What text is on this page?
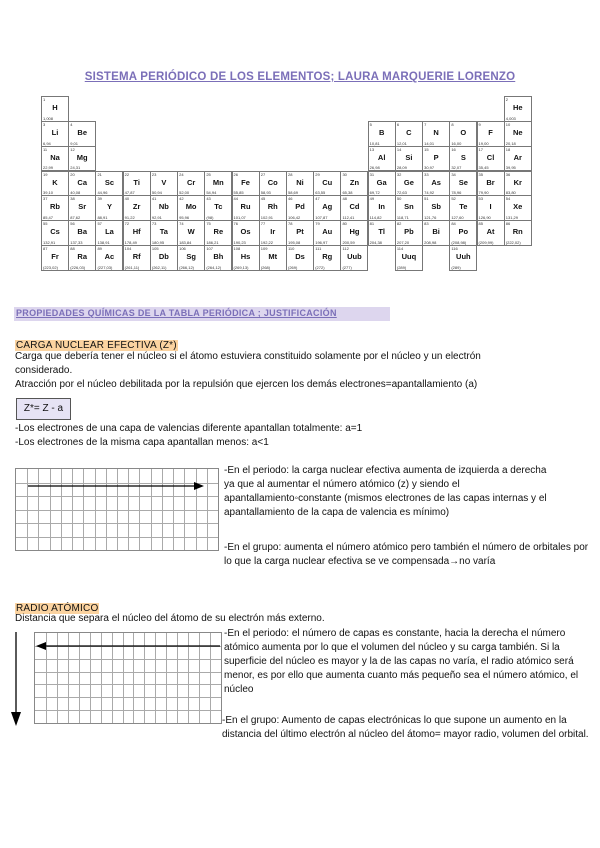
SISTEMA PERIÓDICO DE LOS ELEMENTOS; LAURA MARQUERIE LORENZO
1
H
1,008
2
He
4,003
3
Li
6,94
4
Be
9,01
5
B
10,81
6
C
12,01
7
N
14,01
8
O
16,00
9
F
19,00
10
Ne
20,18
11
Na
22,99
12
Mg
24,31
13
Al
26,98
14
Si
28,09
15
P
30,97
16
S
32,07
17
Cl
35,45
18
Ar
39,95
19
K
39,10
20
Ca
40,08
21
Sc
44,96
22
Ti
47,87
23
V
50,94
24
Cr
52,00
25
Mn
54,94
26
Fe
55,85
27
Co
58,93
28
Ni
58,69
29
Cu
63,55
30
Zn
65,38
31
Ga
69,72
32
Ge
72,63
33
As
74,92
34
Se
78,96
35
Br
79,90
36
Kr
83,80
37
Rb
85,47
38
Sr
87,62
39
Y
88,91
40
Zr
91,22
41
Nb
92,91
42
Mo
95,96
43
Tc
(98)
44
Ru
101,07
45
Rh
102,91
46
Pd
106,42
47
Ag
107,87
48
Cd
112,41
49
In
114,82
50
Sn
118,71
51
Sb
121,76
52
Te
127,60
53
I
126,90
54
Xe
131,29
55
Cs
132,91
56
Ba
137,33
57
La
138,91
72
Hf
178,49
73
Ta
180,95
74
W
183,84
75
Re
186,21
76
Os
190,23
77
Ir
192,22
78
Pt
195,08
79
Au
196,97
80
Hg
200,59
81
Tl
204,38
82
Pb
207,20
83
Bi
208,98
84
Po
(208,98)
85
At
(209,99)
86
Rn
(222,02)
87
Fr
(223,02)
88
Ra
(226,03)
89
Ac
(227,03)
104
Rf
(261,11)
105
Db
(262,11)
106
Sg
(266,12)
107
Bh
(264,12)
108
Hs
(269,13)
109
Mt
(268)
110
Ds
(269)
111
Rg
(272)
112
Uub
(277)
114
Uuq
(289)
116
Uuh
(289)
PROPIEDADES QUÍMICAS DE LA TABLA PERIÓDICA ; JUSTIFICACIÓN
CARGA NUCLEAR EFECTIVA (Z*)
Carga que debería tener el núcleo si el átomo estuviera constituido solamente por el núcleo y un electrón
considerado.
Atracción por el núcleo debilitada por la repulsión que ejercen los demás electrones=apantallamiento (a)
Z*= Z - a
-Los electrones de una capa de valencias diferente apantallan totalmente: a=1
-Los electrones de la misma capa apantallan menos: a<1
-En el periodo: la carga nuclear efectiva aumenta de izquierda a derecha ya que al aumentar el número atómico (z) y siendo el apantallamiento◦constante (mismos electrones de las capas internas y el apantallamiento de la capa de valencia es mínimo)
-En el grupo: aumenta el número atómico pero también el número de orbitales por lo que la carga nuclear efectiva se ve compensada→no varía
RADIO ATÓMICO
Distancia que separa el núcleo del átomo de su electrón más externo.
-En el periodo: el número de capas es constante, hacia la derecha el número atómico aumenta por lo que el volumen del núcleo y su carga también. Si la superficie del núcleo es mayor y la de las capas no varía, el radio atómico será menor, es por ello que aumenta cuanto más pequeño sea el número atómico, el núcleo
-En el grupo: Aumento de capas electrónicas lo que supone un aumento en la distancia del último electrón al núcleo del átomo= mayor radio, volumen del orbital.
